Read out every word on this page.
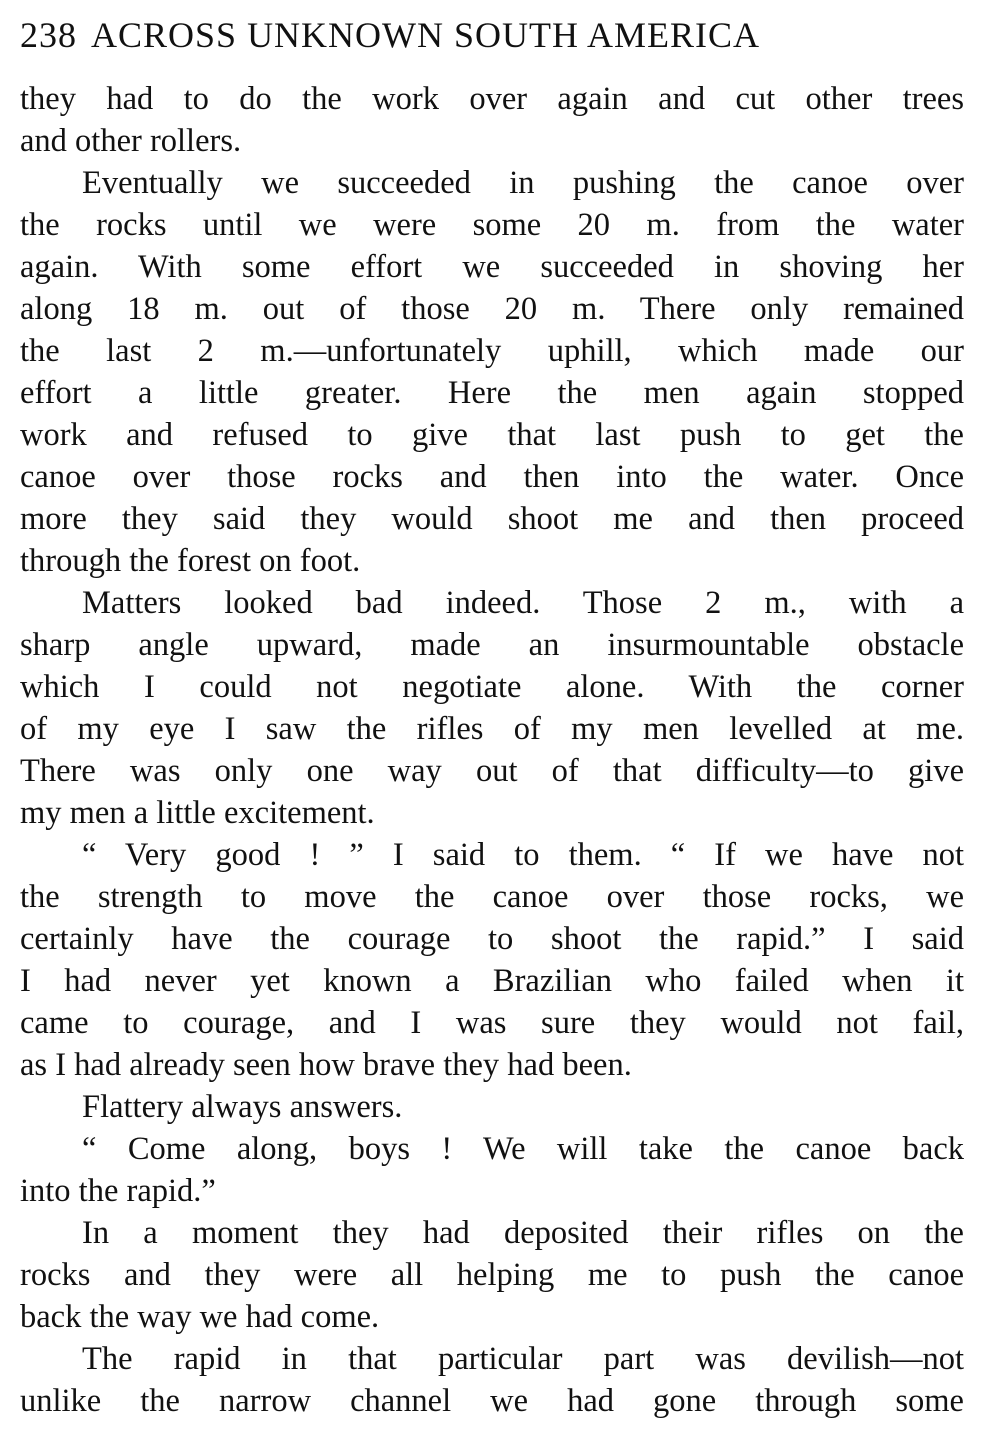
238 ACROSS UNKNOWN SOUTH AMERICA
they had to do the work over again and cut other trees
and other rollers.
Eventually we succeeded in pushing the canoe over
the rocks until we were some 20 m. from the water
again. With some effort we succeeded in shoving her
along 18 m. out of those 20 m. There only remained
the last 2 m.—unfortunately uphill, which made our
effort a little greater. Here the men again stopped
work and refused to give that last push to get the
canoe over those rocks and then into the water. Once
more they said they would shoot me and then proceed
through the forest on foot.
Matters looked bad indeed. Those 2 m., with a
sharp angle upward, made an insurmountable obstacle
which I could not negotiate alone. With the corner
of my eye I saw the rifles of my men levelled at me.
There was only one way out of that difficulty—to give
my men a little excitement.
“ Very good ! ” I said to them. “ If we have not
the strength to move the canoe over those rocks, we
certainly have the courage to shoot the rapid.” I said
I had never yet known a Brazilian who failed when it
came to courage, and I was sure they would not fail,
as I had already seen how brave they had been.
Flattery always answers.
“ Come along, boys ! We will take the canoe back
into the rapid.”
In a moment they had deposited their rifles on the
rocks and they were all helping me to push the canoe
back the way we had come.
The rapid in that particular part was devilish—not
unlike the narrow channel we had gone through some
